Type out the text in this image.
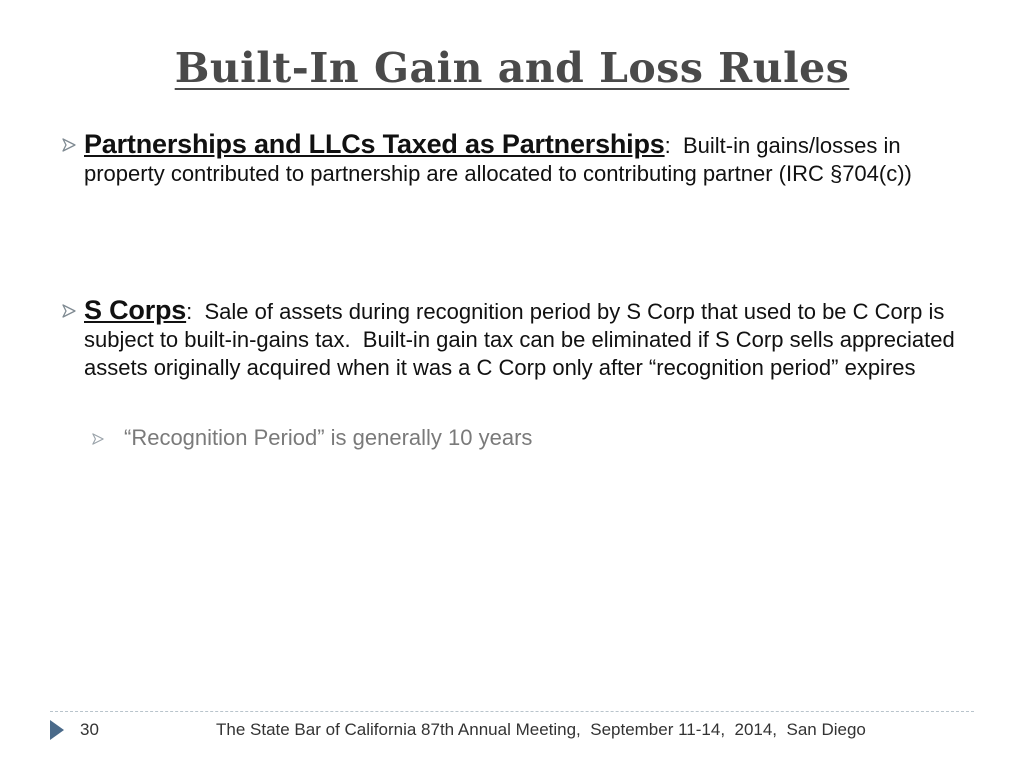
Built-In Gain and Loss Rules
Partnerships and LLCs Taxed as Partnerships:  Built-in gains/losses in property contributed to partnership are allocated to contributing partner (IRC §704(c))
S Corps:  Sale of assets during recognition period by S Corp that used to be C Corp is subject to built-in-gains tax.  Built-in gain tax can be eliminated if S Corp sells appreciated assets originally acquired when it was a C Corp only after “recognition period” expires
“Recognition Period” is generally 10 years
30	The State Bar of California 87th Annual Meeting,  September 11-14,  2014,  San Diego
